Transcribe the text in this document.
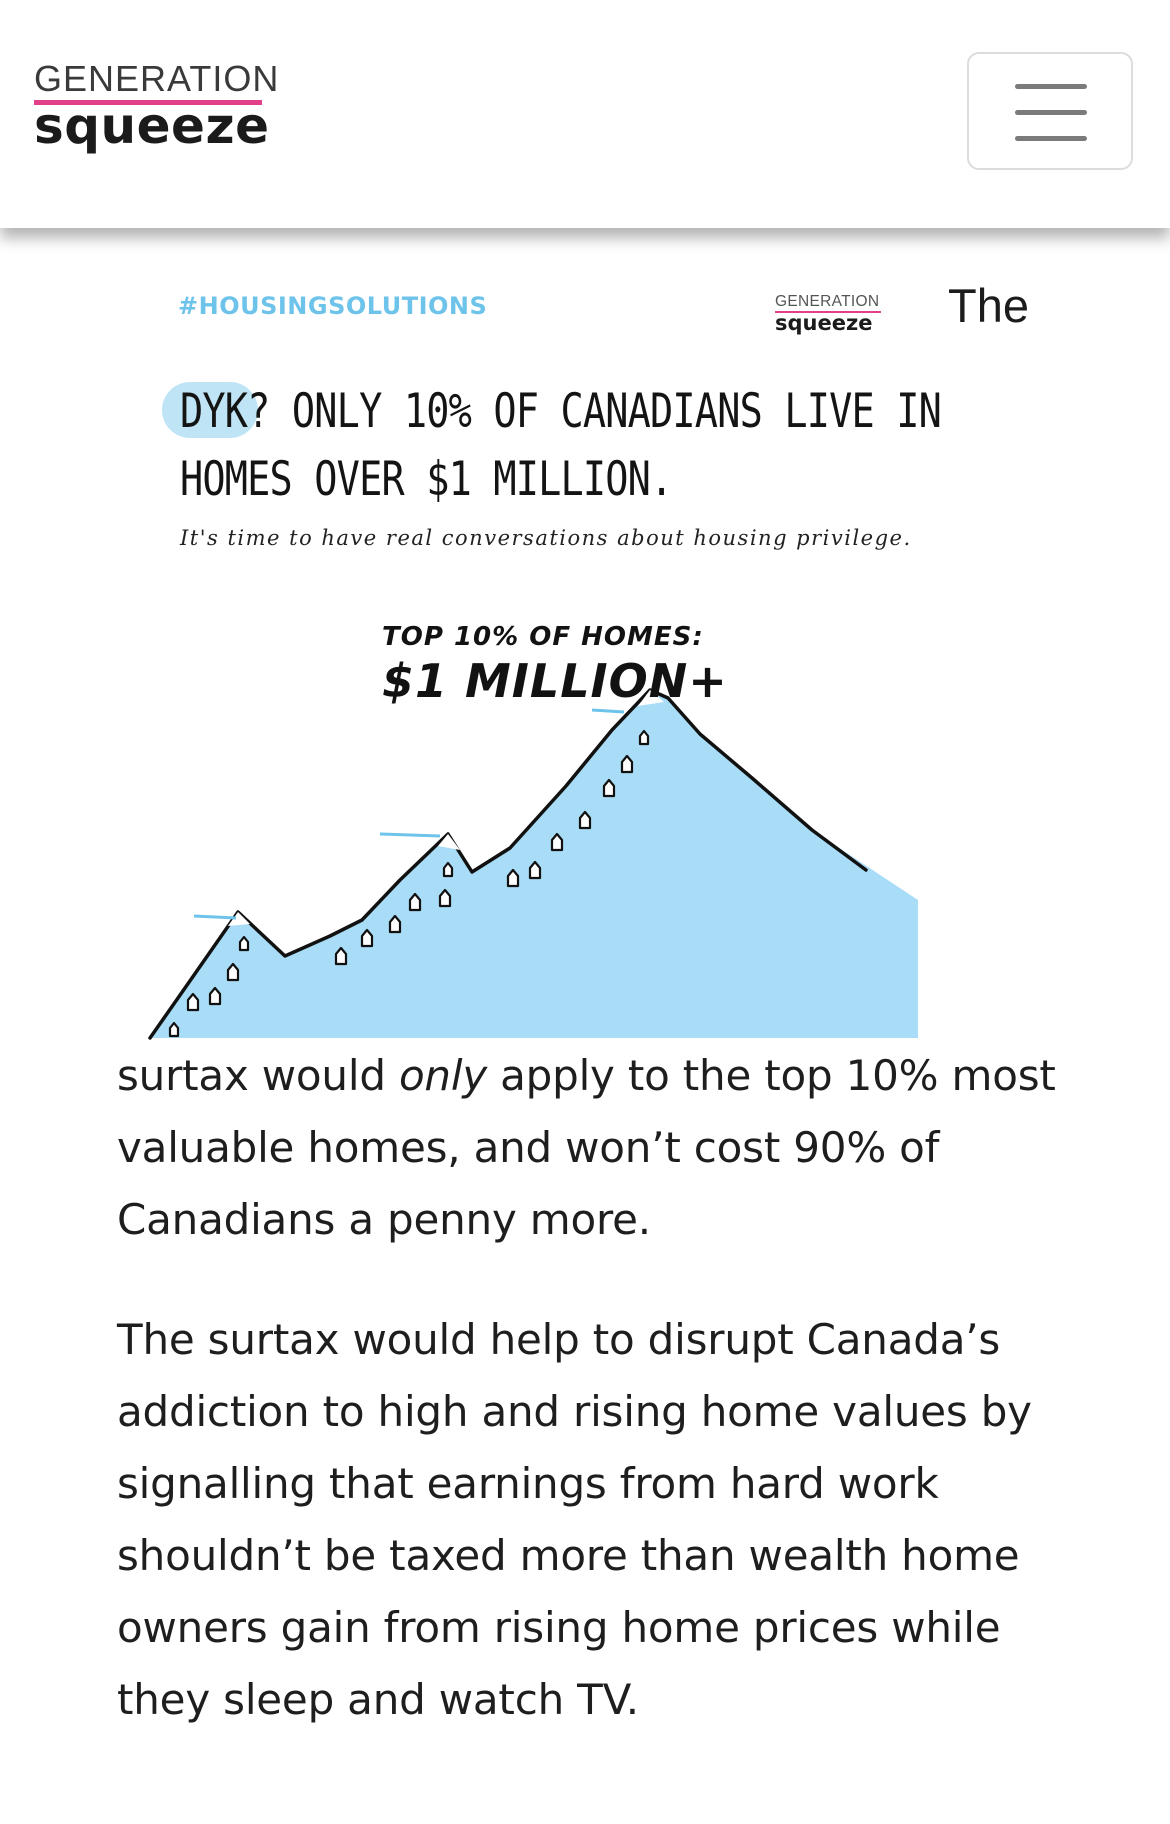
GENERATION
squeeze
#HOUSINGSOLUTIONS	GENERATION
squeeze
DYK? ONLY 10% OF CANADIANS LIVE IN
HOMES OVER $1 MILLION.
It's time to have real conversations about housing privilege.
TOP 10% OF HOMES:
$1 MILLION+
The

surtax would only apply to the top 10% most valuable homes, and won’t cost 90% of Canadians a penny more.

The surtax would help to disrupt Canada’s addiction to high and rising home values by signalling that earnings from hard work shouldn’t be taxed more than wealth home owners gain from rising home prices while they sleep and watch TV.
